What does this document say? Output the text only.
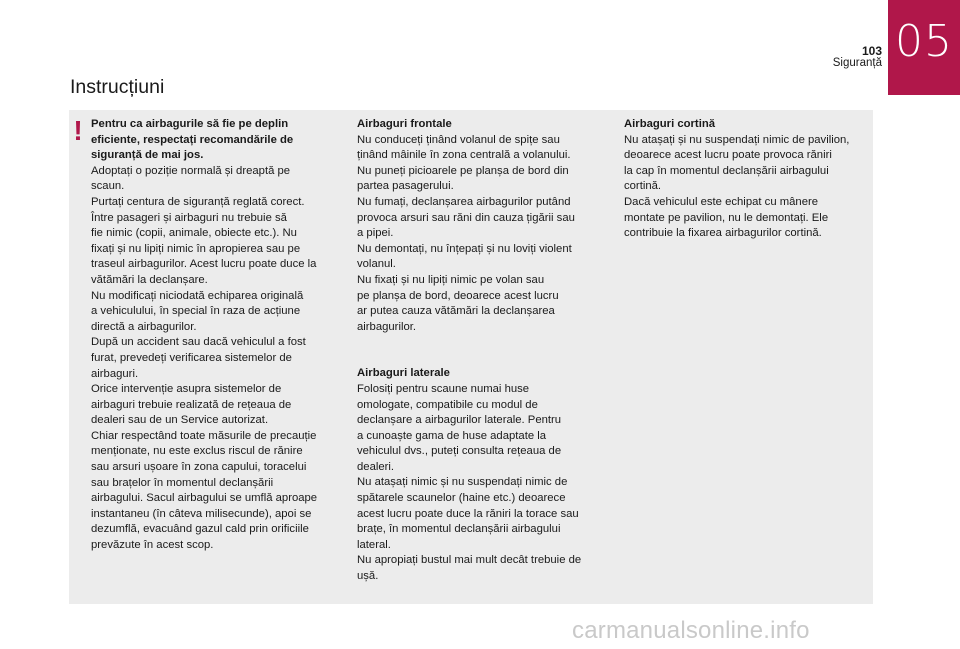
05
103
Siguranță
Instrucțiuni
! Pentru ca airbagurile să fie pe deplin
eficiente, respectați recomandările de
siguranță de mai jos.

Adoptați o poziție normală și dreaptă pe
scaun.
Purtați centura de siguranță reglată corect.
Între pasageri și airbaguri nu trebuie să
fie nimic (copii, animale, obiecte etc.). Nu
fixați și nu lipiți nimic în apropierea sau pe
traseul airbagurilor. Acest lucru poate duce la
vătămări la declanșare.
Nu modificați niciodată echiparea originală
a vehiculului, în special în raza de acțiune
directă a airbagurilor.
După un accident sau dacă vehiculul a fost
furat, prevedeți verificarea sistemelor de
airbaguri.
Orice intervenție asupra sistemelor de
airbaguri trebuie realizată de rețeaua de
dealeri sau de un Service autorizat.
Chiar respectând toate măsurile de precauție
menționate, nu este exclus riscul de rănire
sau arsuri ușoare în zona capului, toracelui
sau brațelor în momentul declanșării
airbagului. Sacul airbagului se umflă aproape
instantaneu (în câteva milisecunde), apoi se
dezumflă, evacuând gazul cald prin orificiile
prevăzute în acest scop.

Airbaguri frontale

Nu conduceți ținând volanul de spițe sau
ținând mâinile în zona centrală a volanului.
Nu puneți picioarele pe planșa de bord din
partea pasagerului.
Nu fumați, declanșarea airbagurilor putând
provoca arsuri sau răni din cauza țigării sau
a pipei.
Nu demontați, nu înțepați și nu loviți violent
volanul.
Nu fixați și nu lipiți nimic pe volan sau
pe planșa de bord, deoarece acest lucru
ar putea cauza vătămări la declanșarea
airbagurilor.

Airbaguri laterale

Folosiți pentru scaune numai huse
omologate, compatibile cu modul de
declanșare a airbagurilor laterale. Pentru
a cunoaște gama de huse adaptate la
vehiculul dvs., puteți consulta rețeaua de
dealeri.
Nu atașați nimic și nu suspendați nimic de
spătarele scaunelor (haine etc.) deoarece
acest lucru poate duce la răniri la torace sau
brațe, în momentul declanșării airbagului
lateral.
Nu apropiați bustul mai mult decât trebuie de
ușă.

Airbaguri cortină

Nu atașați și nu suspendați nimic de pavilion,
deoarece acest lucru poate provoca răniri
la cap în momentul declanșării airbagului
cortină.
Dacă vehiculul este echipat cu mânere
montate pe pavilion, nu le demontați. Ele
contribuie la fixarea airbagurilor cortină.

carmanualsonline.info
